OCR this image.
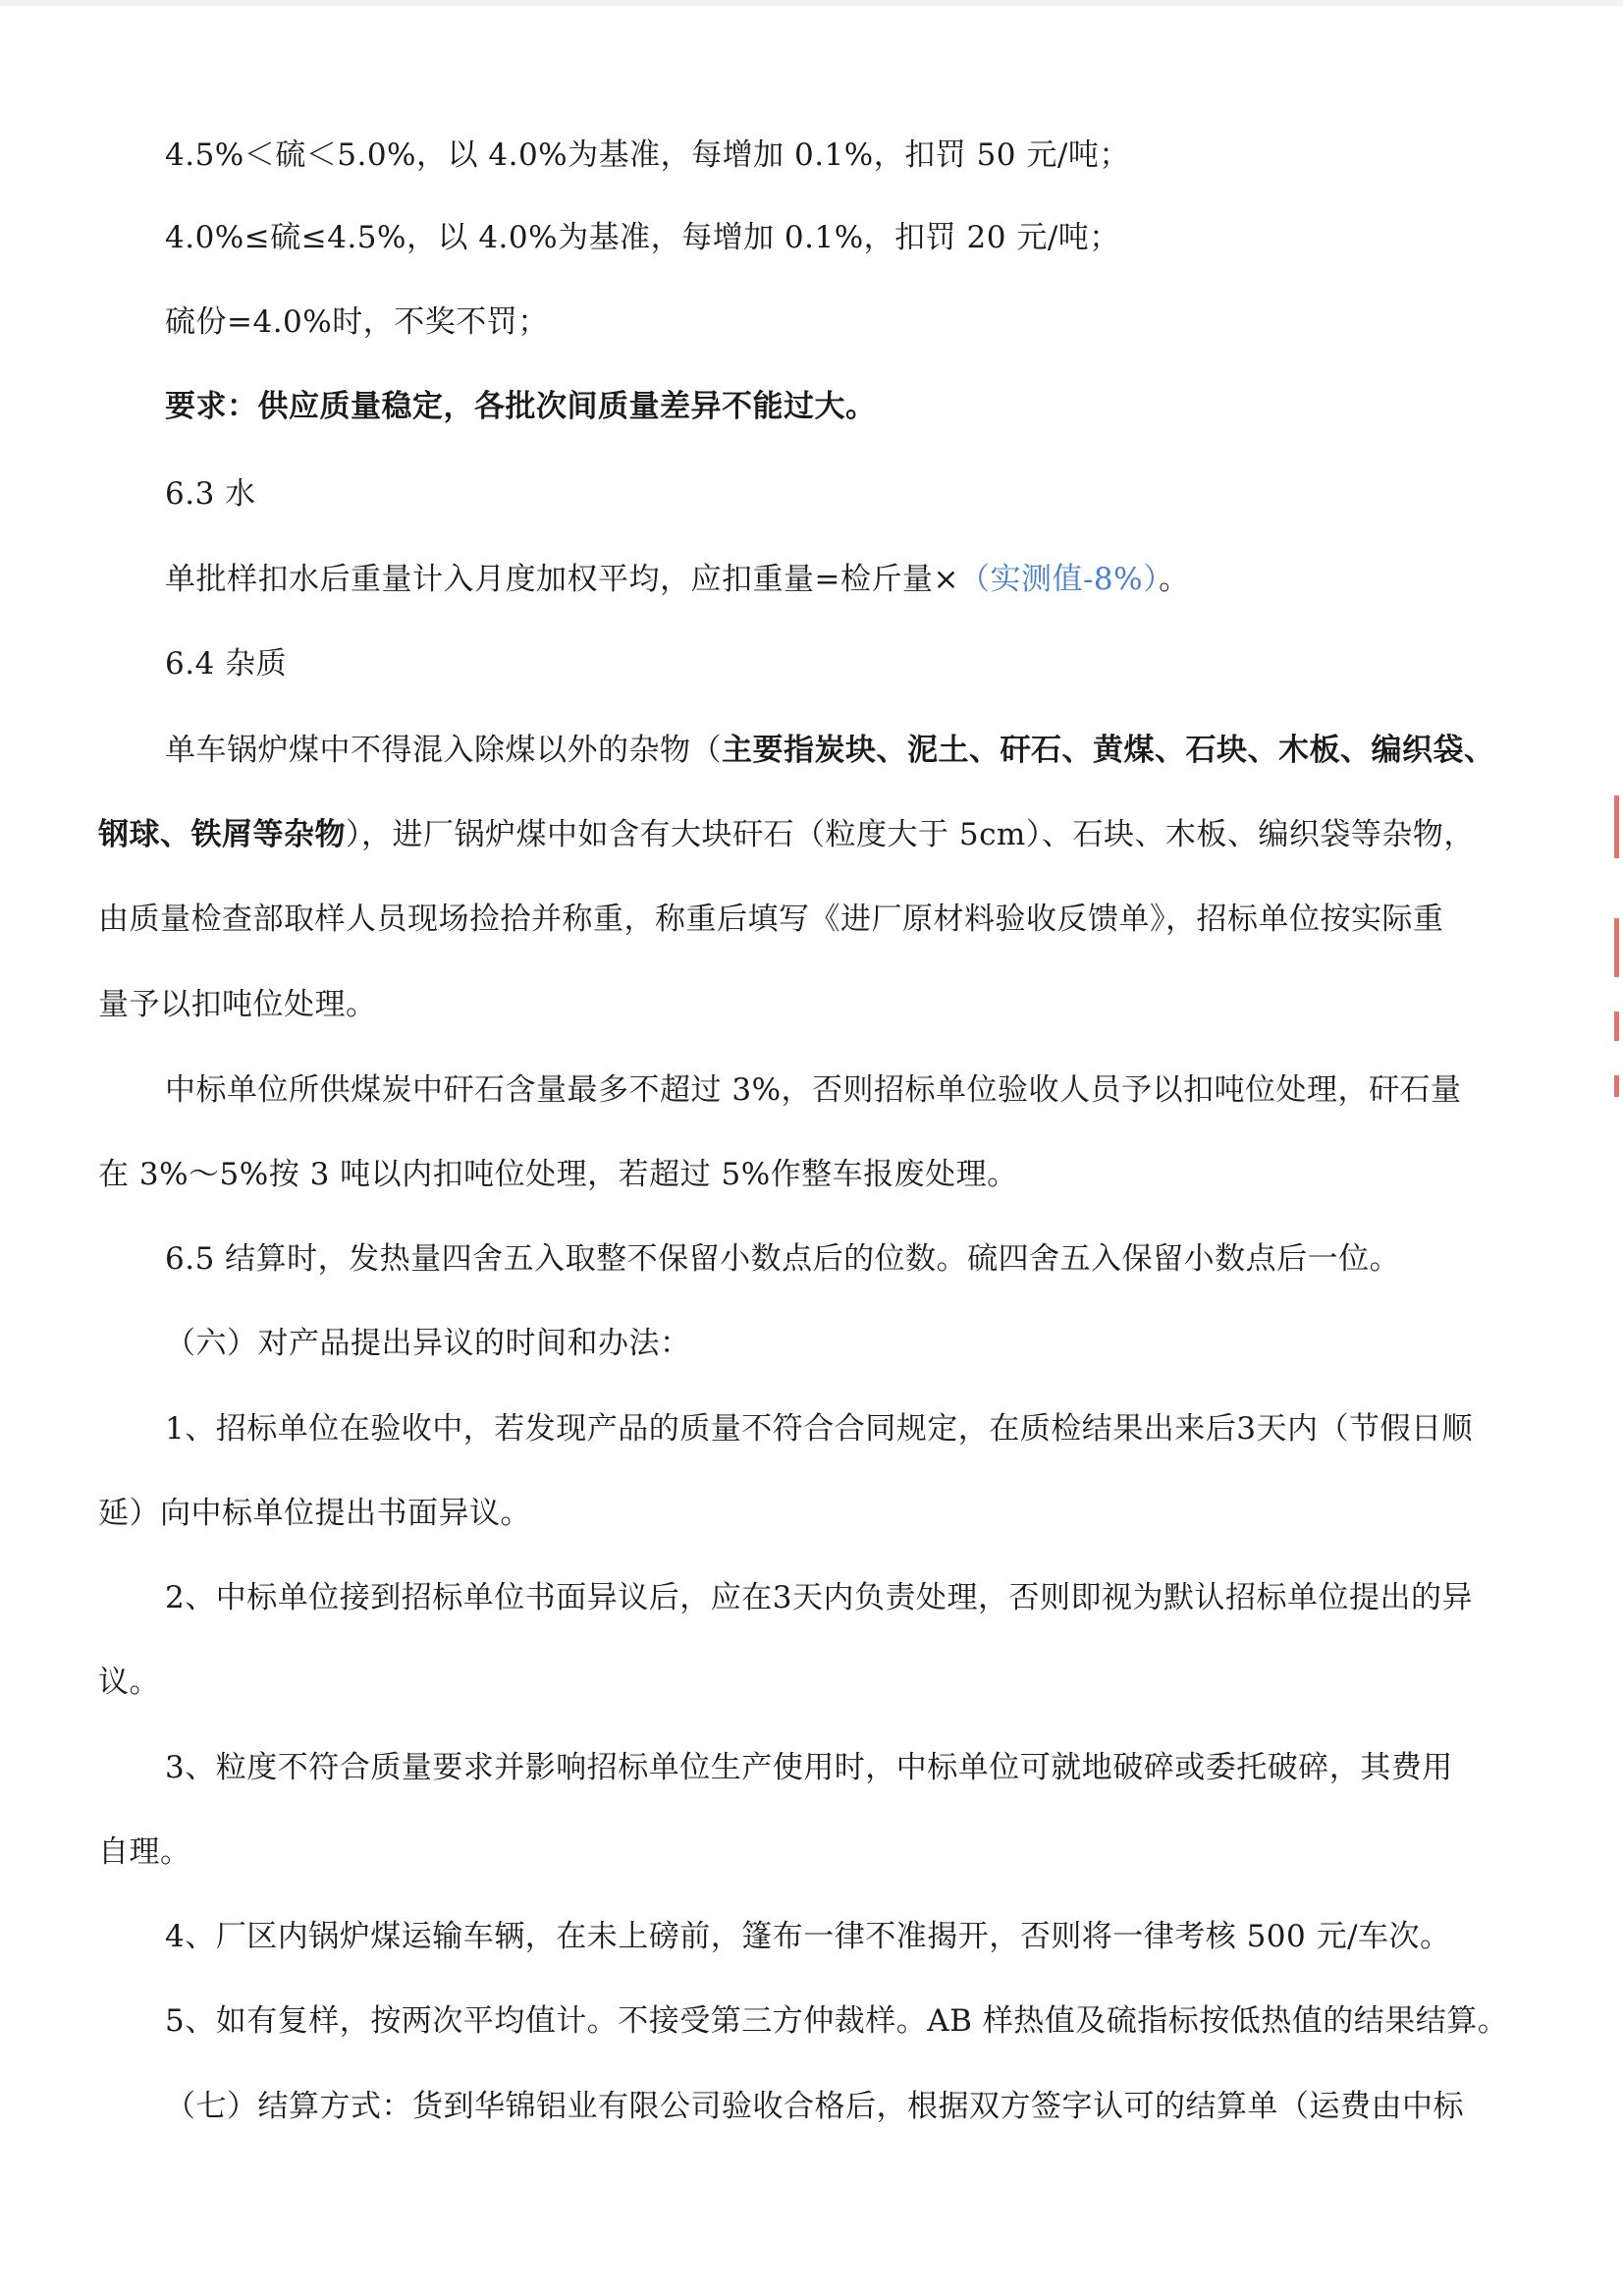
4.5%＜硫＜5.0%，以 4.0%为基准，每增加 0.1%，扣罚 50 元/吨；
4.0%≤硫≤4.5%，以 4.0%为基准，每增加 0.1%，扣罚 20 元/吨；
硫份=4.0%时，不奖不罚；
要求：供应质量稳定，各批次间质量差异不能过大。
6.3 水
单批样扣水后重量计入月度加权平均，应扣重量=检斤量×（实测值-8%）。
6.4 杂质
单车锅炉煤中不得混入除煤以外的杂物（主要指炭块、泥土、矸石、黄煤、石块、木板、编织袋、
钢球、铁屑等杂物），进厂锅炉煤中如含有大块矸石（粒度大于 5cm）、石块、木板、编织袋等杂物，
由质量检查部取样人员现场捡拾并称重，称重后填写《进厂原材料验收反馈单》，招标单位按实际重
量予以扣吨位处理。
中标单位所供煤炭中矸石含量最多不超过 3%，否则招标单位验收人员予以扣吨位处理，矸石量
在 3%～5%按 3 吨以内扣吨位处理，若超过 5%作整车报废处理。
6.5 结算时，发热量四舍五入取整不保留小数点后的位数。硫四舍五入保留小数点后一位。
（六）对产品提出异议的时间和办法：
1、招标单位在验收中，若发现产品的质量不符合合同规定，在质检结果出来后3天内（节假日顺
延）向中标单位提出书面异议。
2、中标单位接到招标单位书面异议后，应在3天内负责处理，否则即视为默认招标单位提出的异
议。
3、粒度不符合质量要求并影响招标单位生产使用时，中标单位可就地破碎或委托破碎，其费用
自理。
4、厂区内锅炉煤运输车辆，在未上磅前，篷布一律不准揭开，否则将一律考核 500 元/车次。
5、如有复样，按两次平均值计。不接受第三方仲裁样。AB 样热值及硫指标按低热值的结果结算。
（七）结算方式：货到华锦铝业有限公司验收合格后，根据双方签字认可的结算单（运费由中标
